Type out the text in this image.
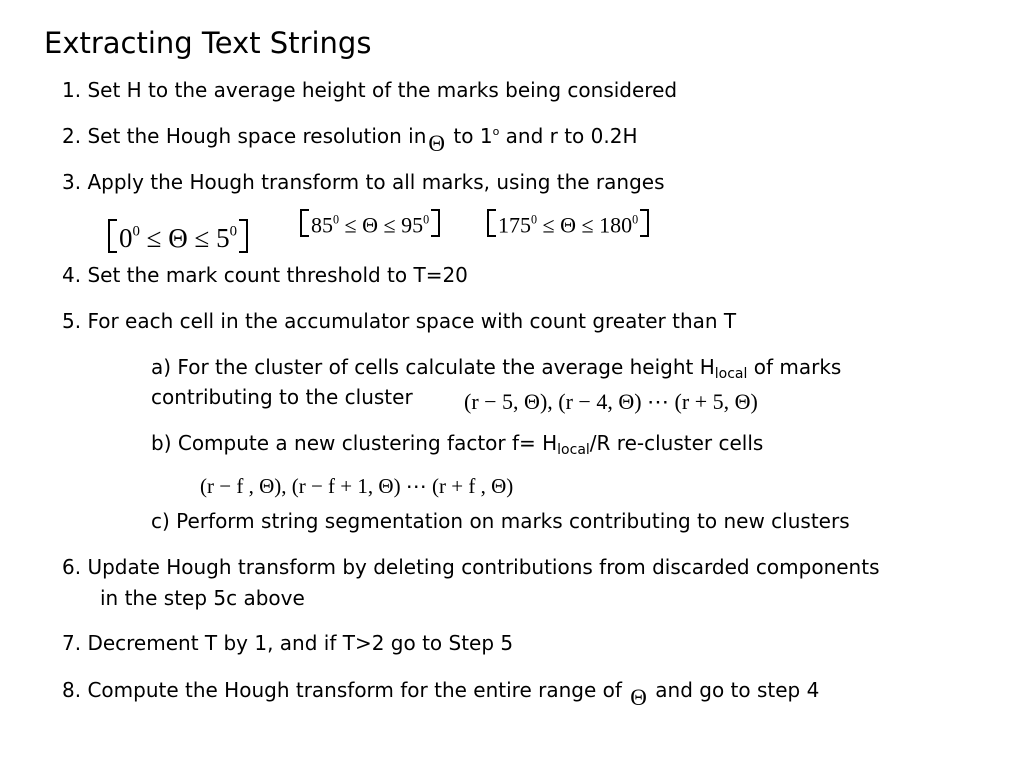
Extracting Text Strings
1. Set H to the average height of the marks being considered
2. Set the Hough space resolution inΘ to 1$^o$ and r to 0.2H
3. Apply the Hough transform to all marks, using the ranges
$0^0 \le \Theta \le 5^0$	$85^0 \le \Theta \le 95^0$	$175^0 \le \Theta \le 180^0$
4. Set the mark count threshold to T=20
5. For each cell in the accumulator space with count greater than T
a) For the cluster of cells calculate the average height $H_{local}$ of marks
contributing to the cluster (r − 5, Θ), (r − 4, Θ) ⋯ (r + 5, Θ)
b) Compute a new clustering factor $f= H_{local}/R$ re-cluster cells
(r − f , Θ), (r − f + 1, Θ) ⋯ (r + f , Θ)
c) Perform string segmentation on marks contributing to new clusters
6. Update Hough transform by deleting contributions from discarded components
in the step 5c above
7. Decrement T by 1, and if T>2 go to Step 5
8. Compute the Hough transform for the entire range of Θ and go to step 4
